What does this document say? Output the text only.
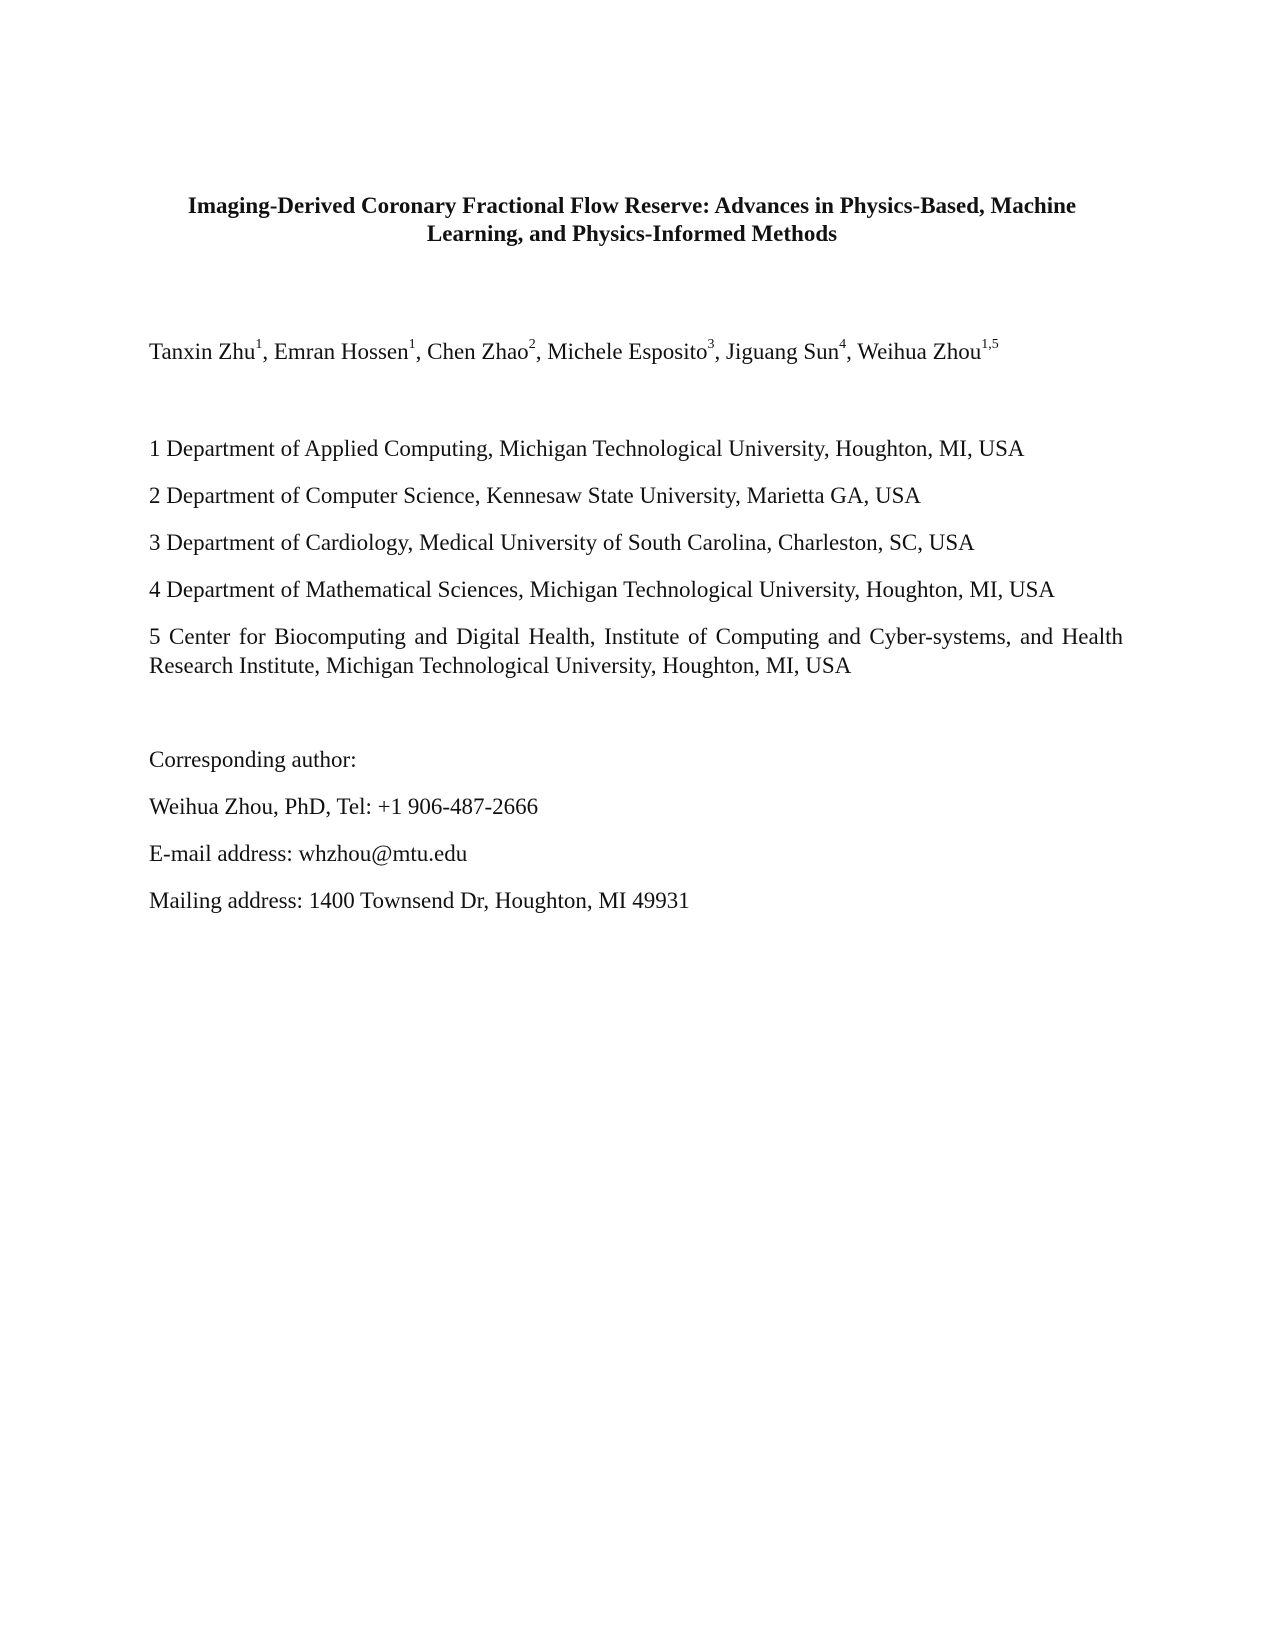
Imaging-Derived Coronary Fractional Flow Reserve: Advances in Physics-Based, Machine
Learning, and Physics-Informed Methods

Tanxin Zhu$^1$, Emran Hossen$^1$, Chen Zhao$^2$, Michele Esposito$^3$, Jiguang Sun$^4$, Weihua Zhou$^{1,5}$

1 Department of Applied Computing, Michigan Technological University, Houghton, MI, USA

2 Department of Computer Science, Kennesaw State University, Marietta GA, USA

3 Department of Cardiology, Medical University of South Carolina, Charleston, SC, USA

4 Department of Mathematical Sciences, Michigan Technological University, Houghton, MI, USA

5 Center for Biocomputing and Digital Health, Institute of Computing and Cyber-systems, and Health Research Institute, Michigan Technological University, Houghton, MI, USA

Corresponding author:

Weihua Zhou, PhD, Tel: +1 906-487-2666

E-mail address: whzhou@mtu.edu

Mailing address: 1400 Townsend Dr, Houghton, MI 49931
